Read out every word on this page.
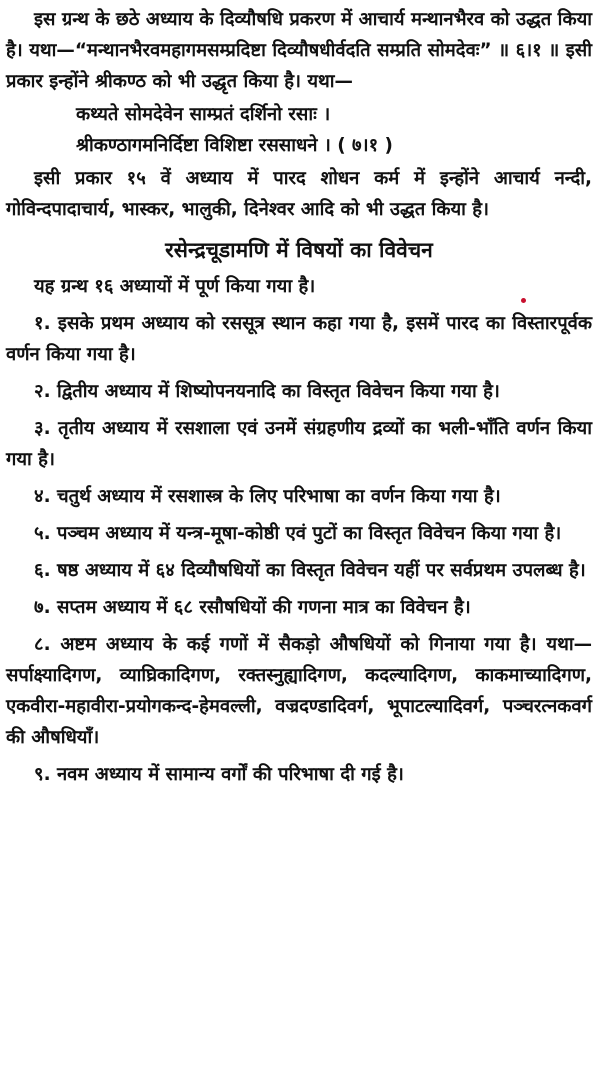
इस ग्रन्थ के छठे अध्याय के दिव्यौषधि प्रकरण में आचार्य मन्थानभैरव को उद्धत किया है। यथा—“मन्थानभैरवमहागमसम्प्रदिष्टा दिव्यौषधीर्वदति सम्प्रति सोमदेवः” ॥ ६।१ ॥ इसी प्रकार इन्होंने श्रीकण्ठ को भी उद्धृत किया है। यथा—

कथ्यते सोमदेवेन साम्प्रतं दर्शिनो रसाः ।
श्रीकण्ठागमनिर्दिष्टा विशिष्टा रससाधने । ( ७।१ )

इसी प्रकार १५ वें अध्याय में पारद शोधन कर्म में इन्होंने आचार्य नन्दी, गोविन्दपादाचार्य, भास्कर, भालुकी, दिनेश्वर आदि को भी उद्धत किया है।

रसेन्द्रचूडामणि में विषयों का विवेचन

यह ग्रन्थ १६ अध्यायों में पूर्ण किया गया है।

१. इसके प्रथम अध्याय को रससूत्र स्थान कहा गया है, इसमें पारद का विस्तारपूर्वक वर्णन किया गया है।

२. द्वितीय अध्याय में शिष्योपनयनादि का विस्तृत विवेचन किया गया है।

३. तृतीय अध्याय में रसशाला एवं उनमें संग्रहणीय द्रव्यों का भली-भाँति वर्णन किया गया है।

४. चतुर्थ अध्याय में रसशास्त्र के लिए परिभाषा का वर्णन किया गया है।

५. पञ्चम अध्याय में यन्त्र-मूषा-कोष्ठी एवं पुटों का विस्तृत विवेचन किया गया है।

६. षष्ठ अध्याय में ६४ दिव्यौषधियों का विस्तृत विवेचन यहीं पर सर्वप्रथम उपलब्ध है।

७. सप्तम अध्याय में ६८ रसौषधियों की गणना मात्र का विवेचन है।

८. अष्टम अध्याय के कई गणों में सैकड़ो औषधियों को गिनाया गया है। यथा— सर्पाक्ष्यादिगण, व्याघ्रिकादिगण, रक्तस्नुह्यादिगण, कदल्यादिगण, काकमाच्यादिगण, एकवीरा-महावीरा-प्रयोगकन्द-हेमवल्ली, वज्रदण्डादिवर्ग, भूपाटल्यादिवर्ग, पञ्चरत्नकवर्ग की औषधियाँ।

९. नवम अध्याय में सामान्य वर्गों की परिभाषा दी गई है।
